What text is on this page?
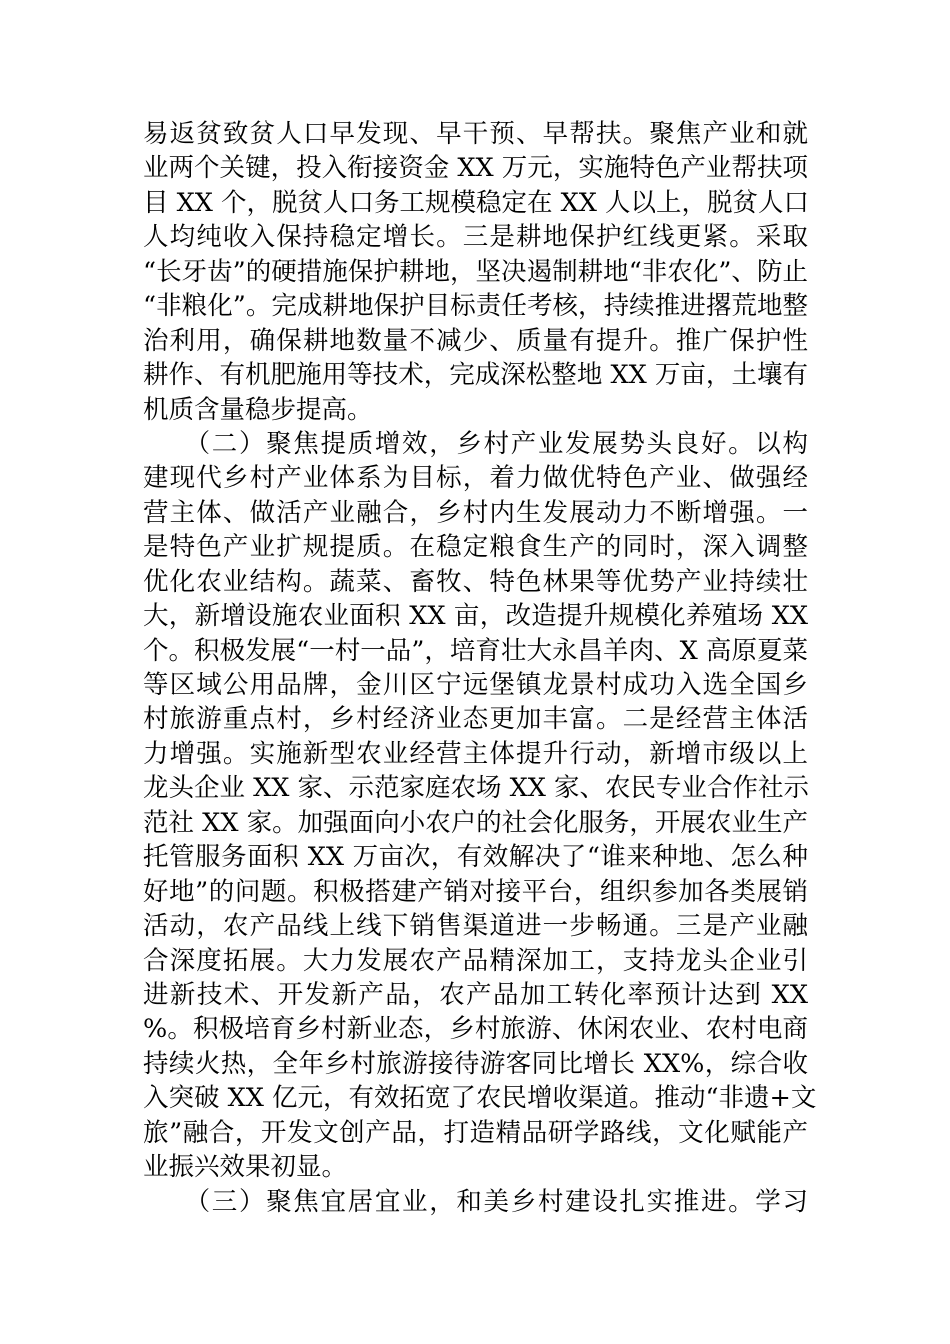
易返贫致贫人口早发现、早干预、早帮扶。聚焦产业和就
业两个关键，投入衔接资金 XX 万元，实施特色产业帮扶项
目 XX 个，脱贫人口务工规模稳定在 XX 人以上，脱贫人口
人均纯收入保持稳定增长。三是耕地保护红线更紧。采取
“长牙齿”的硬措施保护耕地，坚决遏制耕地“非农化”、防止
“非粮化”。完成耕地保护目标责任考核，持续推进撂荒地整
治利用，确保耕地数量不减少、质量有提升。推广保护性
耕作、有机肥施用等技术，完成深松整地 XX 万亩，土壤有
机质含量稳步提高。
　　（二）聚焦提质增效，乡村产业发展势头良好。以构
建现代乡村产业体系为目标，着力做优特色产业、做强经
营主体、做活产业融合，乡村内生发展动力不断增强。一
是特色产业扩规提质。在稳定粮食生产的同时，深入调整
优化农业结构。蔬菜、畜牧、特色林果等优势产业持续壮
大，新增设施农业面积 XX 亩，改造提升规模化养殖场 XX
个。积极发展“一村一品”，培育壮大永昌羊肉、X 高原夏菜
等区域公用品牌，金川区宁远堡镇龙景村成功入选全国乡
村旅游重点村，乡村经济业态更加丰富。二是经营主体活
力增强。实施新型农业经营主体提升行动，新增市级以上
龙头企业 XX 家、示范家庭农场 XX 家、农民专业合作社示
范社 XX 家。加强面向小农户的社会化服务，开展农业生产
托管服务面积 XX 万亩次，有效解决了“谁来种地、怎么种
好地”的问题。积极搭建产销对接平台，组织参加各类展销
活动，农产品线上线下销售渠道进一步畅通。三是产业融
合深度拓展。大力发展农产品精深加工，支持龙头企业引
进新技术、开发新产品，农产品加工转化率预计达到 XX
%。积极培育乡村新业态，乡村旅游、休闲农业、农村电商
持续火热，全年乡村旅游接待游客同比增长 XX%，综合收
入突破 XX 亿元，有效拓宽了农民增收渠道。推动“非遗+文
旅”融合，开发文创产品，打造精品研学路线，文化赋能产
业振兴效果初显。
　　（三）聚焦宜居宜业，和美乡村建设扎实推进。学习
